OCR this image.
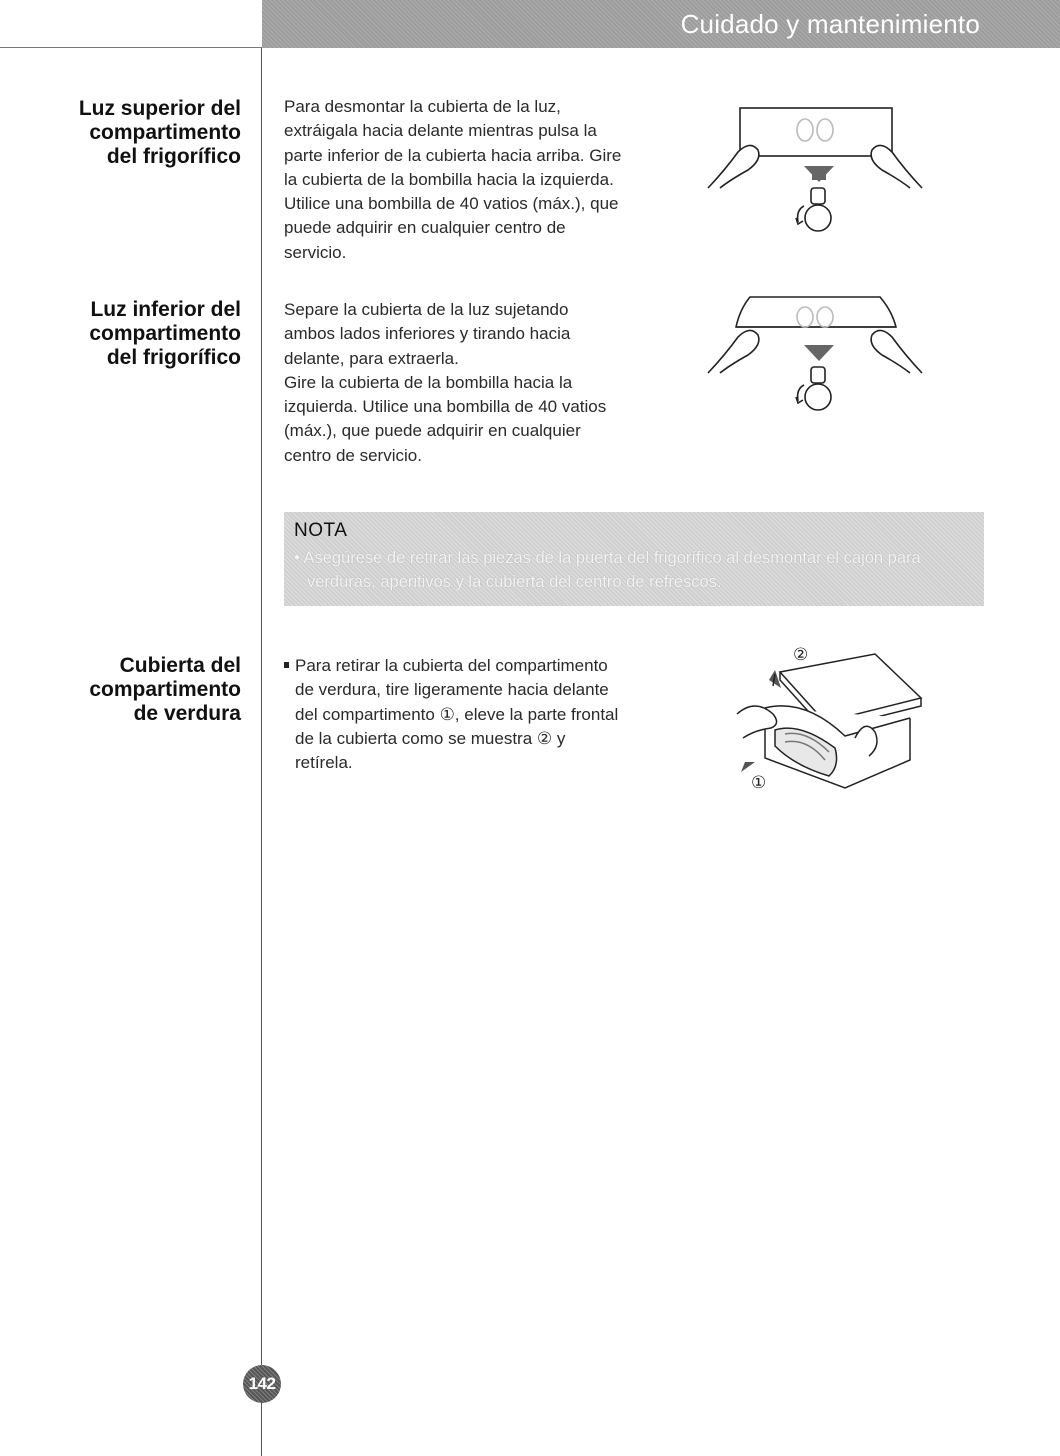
Cuidado y mantenimiento
Luz superior del
compartimento
del frigorífico
Para desmontar la cubierta de la luz,
extráigala hacia delante mientras pulsa la
parte inferior de la cubierta hacia arriba. Gire
la cubierta de la bombilla hacia la izquierda.
Utilice una bombilla de 40 vatios (máx.), que
puede adquirir en cualquier centro de
servicio.
Luz inferior del
compartimento
del frigorífico
Separe la cubierta de la luz sujetando
ambos lados inferiores y tirando hacia
delante, para extraerla.
Gire la cubierta de la bombilla hacia la
izquierda. Utilice una bombilla de 40 vatios
(máx.), que puede adquirir en cualquier
centro de servicio.
NOTA
• Asegúrese de retirar las piezas de la puerta del frigorífico al desmontar el cajón para
verduras, aperitivos y la cubierta del centro de refrescos.
Cubierta del
compartimento
de verdura
Para retirar la cubierta del compartimento
de verdura, tire ligeramente hacia delante
del compartimento ①, eleve la parte frontal
de la cubierta como se muestra ② y
retírela.
②
①
142
